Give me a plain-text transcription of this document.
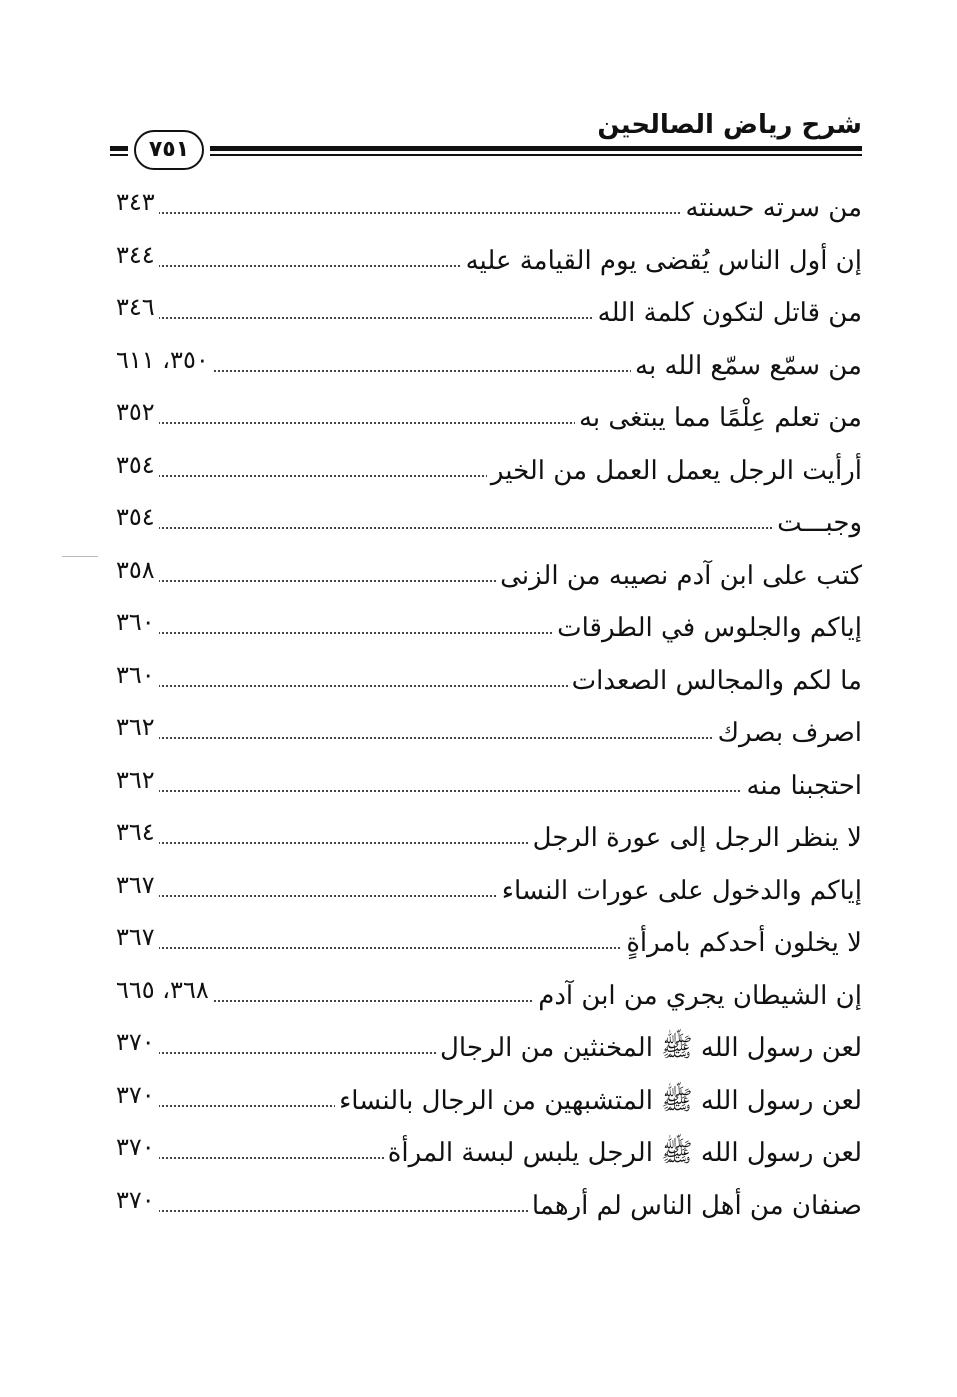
شرح رياض الصالحين
٧٥١
من سرته حسنته
٣٤٣
إن أول الناس يُقضى يوم القيامة عليه
٣٤٤
من قاتل لتكون كلمة الله
٣٤٦
من سمّع سمّع الله به
٣٥٠، ٦١١
من تعلم عِلْمًا مما يبتغى به
٣٥٢
أرأيت الرجل يعمل العمل من الخير
٣٥٤
وجبـــت
٣٥٤
كتب على ابن آدم نصيبه من الزنى
٣٥٨
إياكم والجلوس في الطرقات
٣٦٠
ما لكم والمجالس الصعدات
٣٦٠
اصرف بصرك
٣٦٢
احتجبنا منه
٣٦٢
لا ينظر الرجل إلى عورة الرجل
٣٦٤
إياكم والدخول على عورات النساء
٣٦٧
لا يخلون أحدكم بامرأةٍ
٣٦٧
إن الشيطان يجري من ابن آدم
٣٦٨، ٦٦٥
لعن رسول الله ﷺ المخنثين من الرجال
٣٧٠
لعن رسول الله ﷺ المتشبهين من الرجال بالنساء
٣٧٠
لعن رسول الله ﷺ الرجل يلبس لبسة المرأة
٣٧٠
صنفان من أهل الناس لم أرهما
٣٧٠
